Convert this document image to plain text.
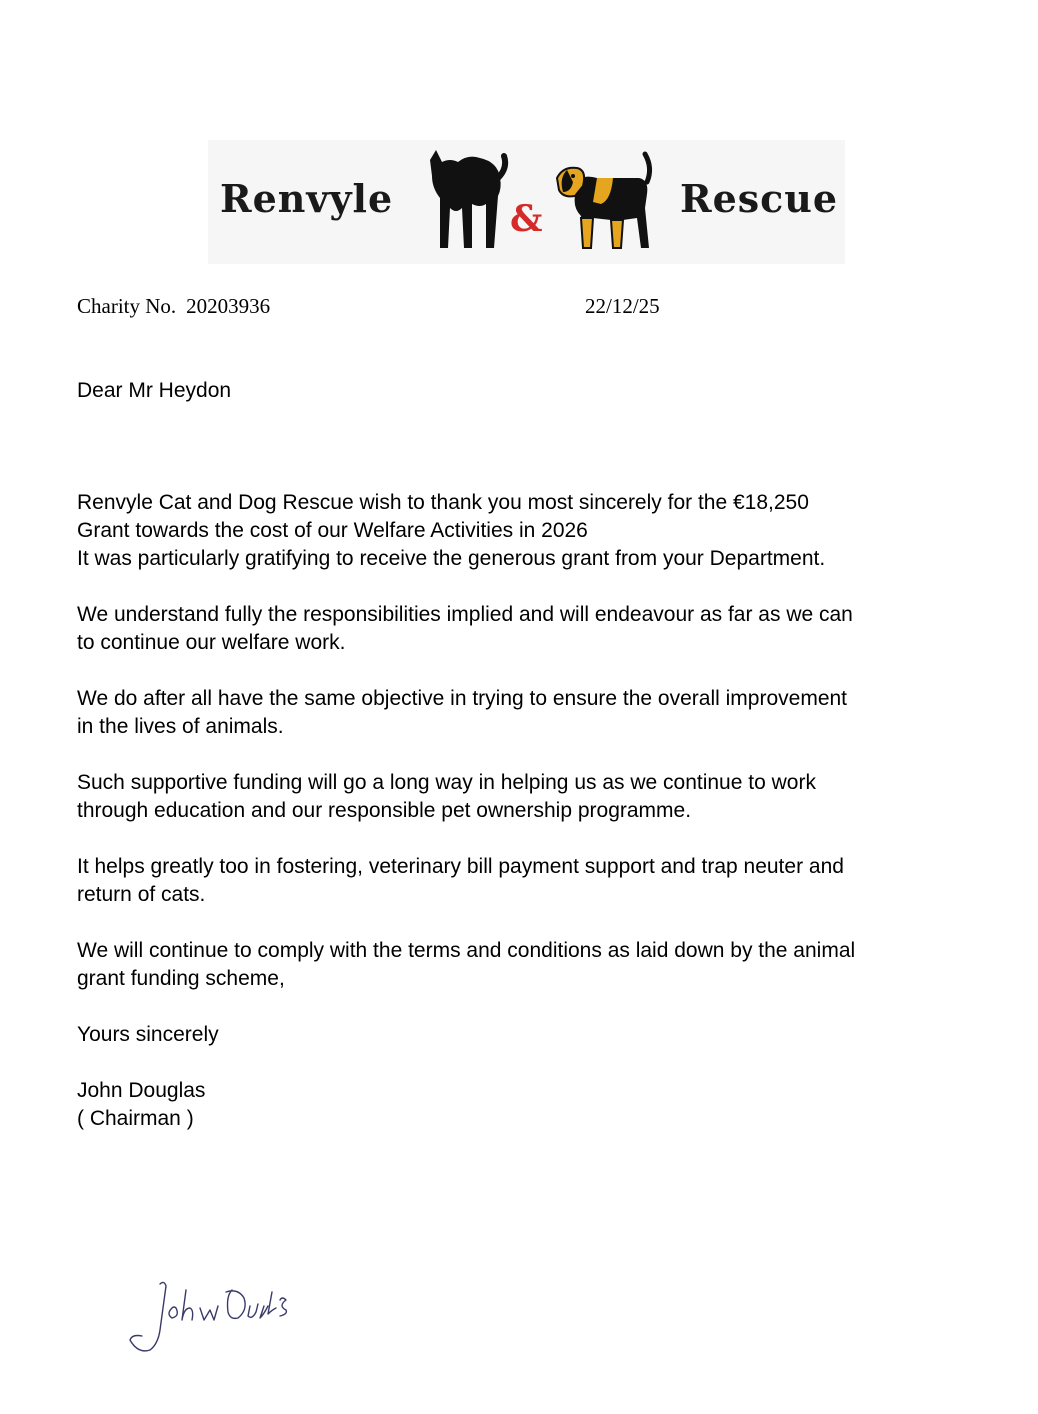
Renvyle	&	Rescue
Charity No. 20203936	22/12/25
Dear Mr Heydon
Renvyle Cat and Dog Rescue wish to thank you most sincerely for the €18,250
Grant towards the cost of our Welfare Activities in 2026
It was particularly gratifying to receive the generous grant from your Department.
We understand fully the responsibilities implied and will endeavour as far as we can
to continue our welfare work.
We do after all have the same objective in trying to ensure the overall improvement
in the lives of animals.
Such supportive funding will go a long way in helping us as we continue to work
through education and our responsible pet ownership programme.
It helps greatly too in fostering, veterinary bill payment support and trap neuter and
return of cats.
We will continue to comply with the terms and conditions as laid down by the animal
grant funding scheme,
Yours sincerely
John Douglas
( Chairman )
